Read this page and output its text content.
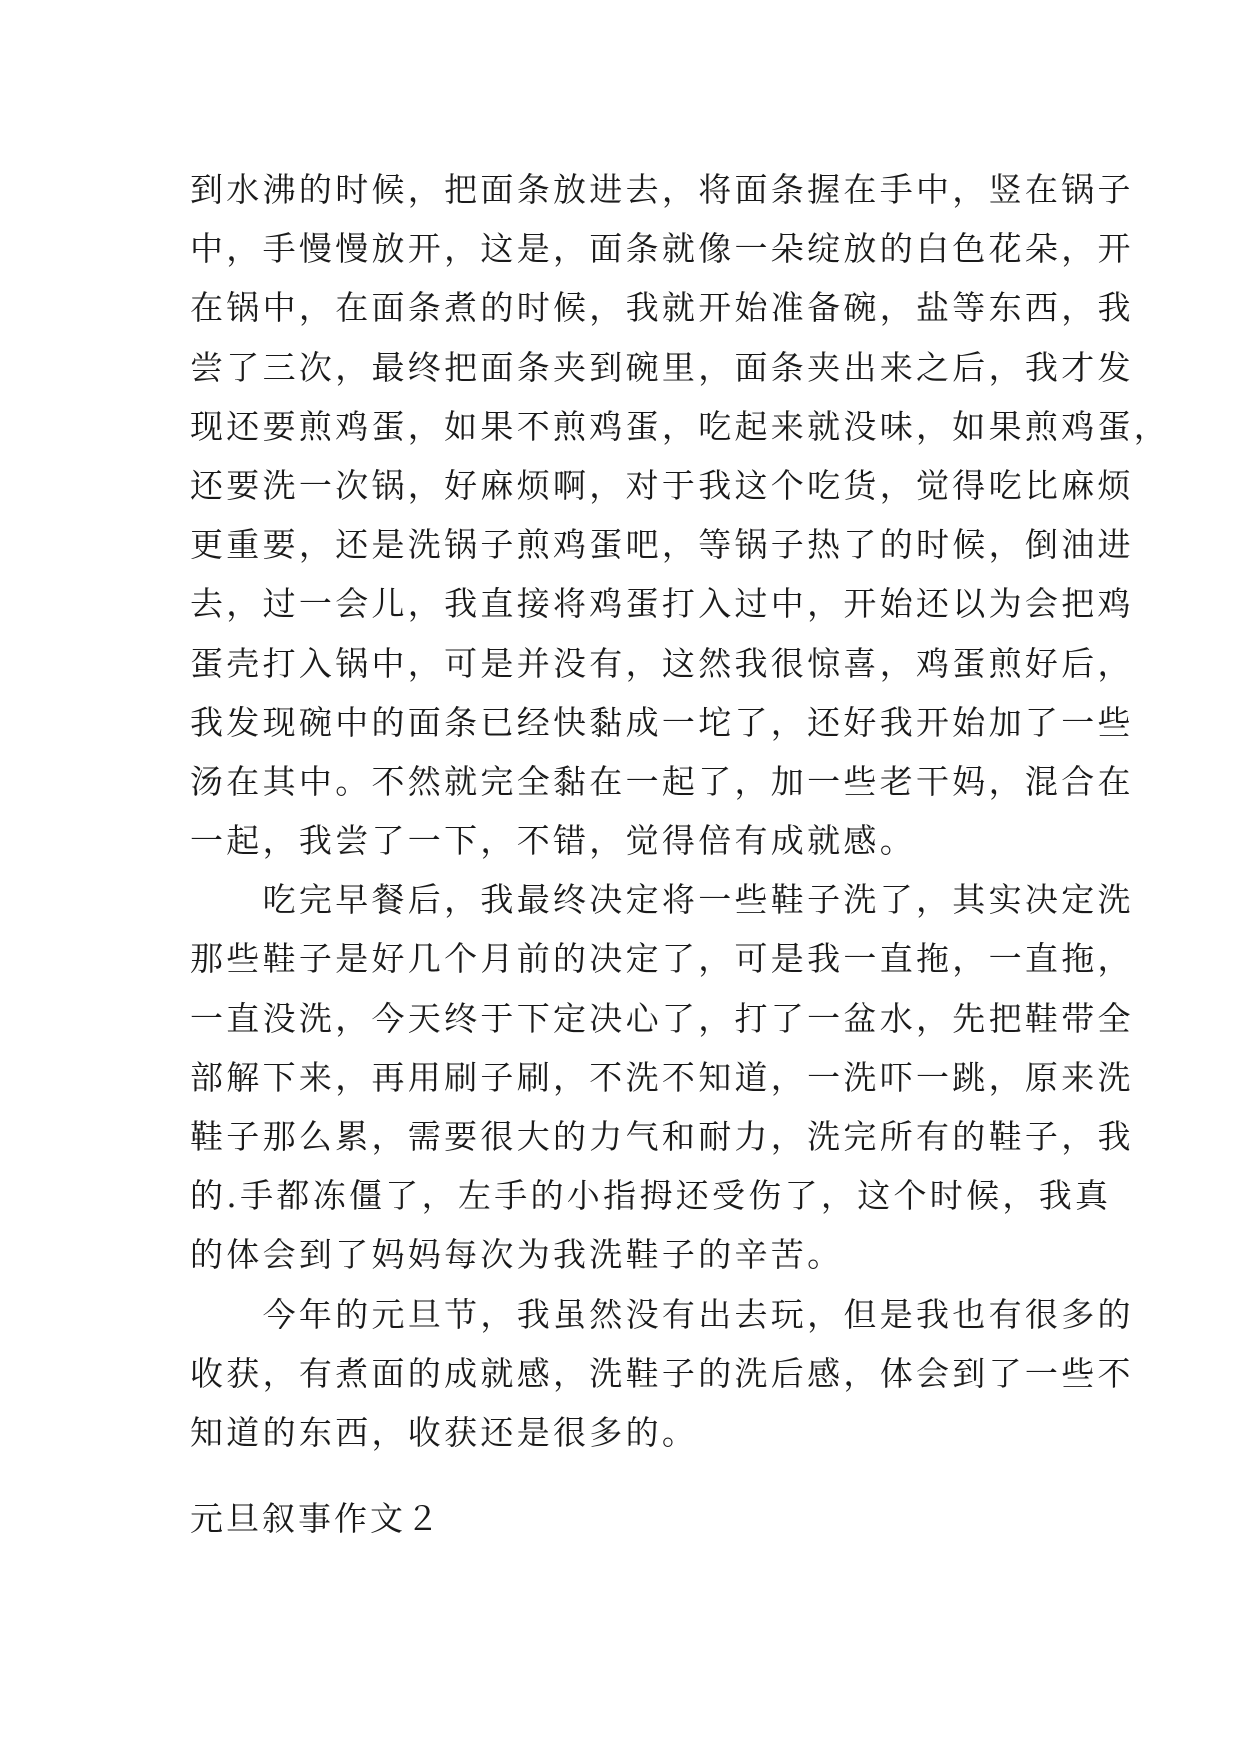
到水沸的时候，把面条放进去，将面条握在手中，竖在锅子
中，手慢慢放开，这是，面条就像一朵绽放的白色花朵，开
在锅中，在面条煮的时候，我就开始准备碗，盐等东西，我
尝了三次，最终把面条夹到碗里，面条夹出来之后，我才发
现还要煎鸡蛋，如果不煎鸡蛋，吃起来就没味，如果煎鸡蛋，
还要洗一次锅，好麻烦啊，对于我这个吃货，觉得吃比麻烦
更重要，还是洗锅子煎鸡蛋吧，等锅子热了的时候，倒油进
去，过一会儿，我直接将鸡蛋打入过中，开始还以为会把鸡
蛋壳打入锅中，可是并没有，这然我很惊喜，鸡蛋煎好后，
我发现碗中的面条已经快黏成一坨了，还好我开始加了一些
汤在其中。不然就完全黏在一起了，加一些老干妈，混合在
一起，我尝了一下，不错，觉得倍有成就感。
　　吃完早餐后，我最终决定将一些鞋子洗了，其实决定洗
那些鞋子是好几个月前的决定了，可是我一直拖，一直拖，
一直没洗，今天终于下定决心了，打了一盆水，先把鞋带全
部解下来，再用刷子刷，不洗不知道，一洗吓一跳，原来洗
鞋子那么累，需要很大的力气和耐力，洗完所有的鞋子，我
的.手都冻僵了，左手的小指拇还受伤了，这个时候，我真
的体会到了妈妈每次为我洗鞋子的辛苦。
　　今年的元旦节，我虽然没有出去玩，但是我也有很多的
收获，有煮面的成就感，洗鞋子的洗后感，体会到了一些不
知道的东西，收获还是很多的。
元旦叙事作文２
